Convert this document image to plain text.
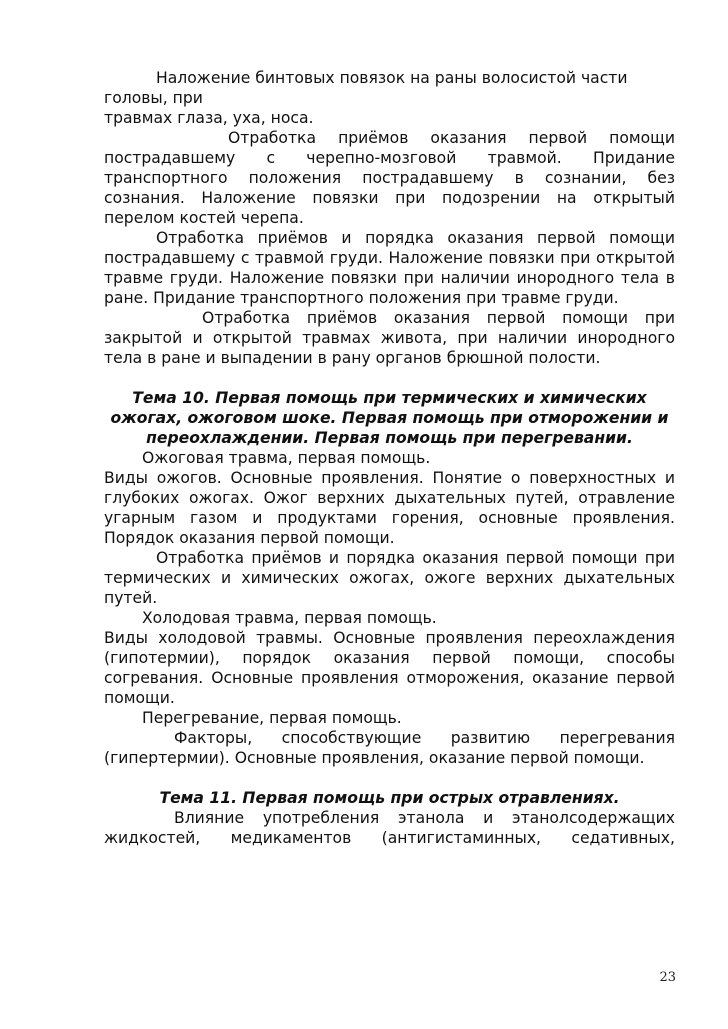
Наложение бинтовых повязок на раны волосистой части головы, при

травмах глаза, уха, носа.

Отработка приёмов оказания первой помощи пострадавшему с черепно-мозговой травмой. Придание транспортного положения пострадавшему в сознании, без сознания. Наложение повязки при подозрении на открытый перелом костей черепа.

Отработка приёмов и порядка оказания первой помощи пострадавшему с травмой груди. Наложение повязки при открытой травме груди. Наложение повязки при наличии инородного тела в ране. Придание транспортного положения при травме груди.

Отработка приёмов оказания первой помощи при закрытой и открытой травмах живота, при наличии инородного тела в ране и выпадении в рану органов брюшной полости.

Тема 10. Первая помощь при термических и химических ожогах, ожоговом шоке. Первая помощь при отморожении и переохлаждении. Первая помощь при перегревании.

Ожоговая травма, первая помощь.

Виды ожогов. Основные проявления. Понятие о поверхностных и глубоких ожогах. Ожог верхних дыхательных путей, отравление угарным газом и продуктами горения, основные проявления. Порядок оказания первой помощи.

Отработка приёмов и порядка оказания первой помощи при термических и химических ожогах, ожоге верхних дыхательных путей.

Холодовая травма, первая помощь.

Виды холодовой травмы. Основные проявления переохлаждения (гипотермии), порядок оказания первой помощи, способы согревания. Основные проявления отморожения, оказание первой помощи.

Перегревание, первая помощь.

Факторы, способствующие развитию перегревания (гипертермии). Основные проявления, оказание первой помощи.

Тема 11. Первая помощь при острых отравлениях.

Влияние употребления этанола и этанолсодержащих жидкостей, медикаментов (антигистаминных, седативных,

23
